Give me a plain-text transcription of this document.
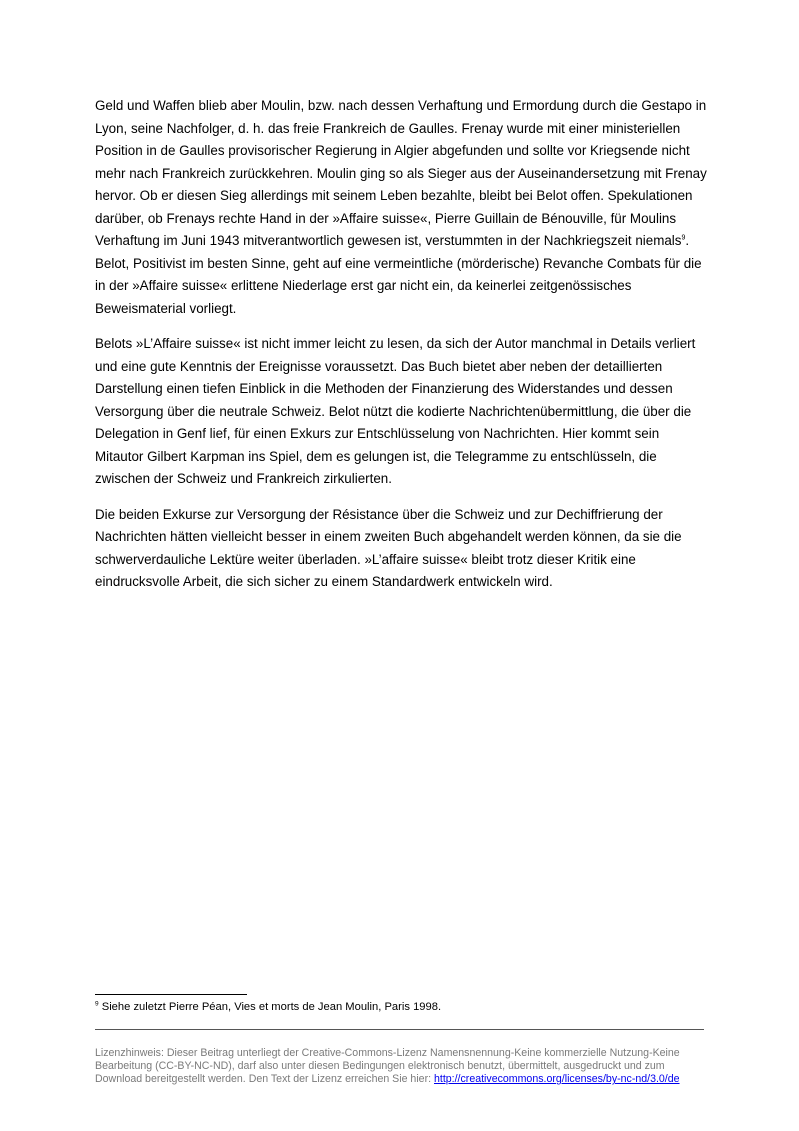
Geld und Waffen blieb aber Moulin, bzw. nach dessen Verhaftung und Ermordung durch die Gestapo in Lyon, seine Nachfolger, d. h. das freie Frankreich de Gaulles. Frenay wurde mit einer ministeriellen Position in de Gaulles provisorischer Regierung in Algier abgefunden und sollte vor Kriegsende nicht mehr nach Frankreich zurückkehren. Moulin ging so als Sieger aus der Auseinandersetzung mit Frenay hervor. Ob er diesen Sieg allerdings mit seinem Leben bezahlte, bleibt bei Belot offen. Spekulationen darüber, ob Frenays rechte Hand in der »Affaire suisse«, Pierre Guillain de Bénouville, für Moulins Verhaftung im Juni 1943 mitverantwortlich gewesen ist, verstummten in der Nachkriegszeit niemals$^9$. Belot, Positivist im besten Sinne, geht auf eine vermeintliche (mörderische) Revanche Combats für die in der »Affaire suisse« erlittene Niederlage erst gar nicht ein, da keinerlei zeitgenössisches Beweismaterial vorliegt.

Belots »L’Affaire suisse« ist nicht immer leicht zu lesen, da sich der Autor manchmal in Details verliert und eine gute Kenntnis der Ereignisse voraussetzt. Das Buch bietet aber neben der detaillierten Darstellung einen tiefen Einblick in die Methoden der Finanzierung des Widerstandes und dessen Versorgung über die neutrale Schweiz. Belot nützt die kodierte Nachrichtenübermittlung, die über die Delegation in Genf lief, für einen Exkurs zur Entschlüsselung von Nachrichten. Hier kommt sein Mitautor Gilbert Karpman ins Spiel, dem es gelungen ist, die Telegramme zu entschlüsseln, die zwischen der Schweiz und Frankreich zirkulierten.

Die beiden Exkurse zur Versorgung der Résistance über die Schweiz und zur Dechiffrierung der Nachrichten hätten vielleicht besser in einem zweiten Buch abgehandelt werden können, da sie die schwerverdauliche Lektüre weiter überladen. »L’affaire suisse« bleibt trotz dieser Kritik eine eindrucksvolle Arbeit, die sich sicher zu einem Standardwerk entwickeln wird.

$^9$ Siehe zuletzt Pierre Péan, Vies et morts de Jean Moulin, Paris 1998.

Lizenzhinweis: Dieser Beitrag unterliegt der Creative-Commons-Lizenz Namensnennung-Keine kommerzielle Nutzung-Keine Bearbeitung (CC-BY-NC-ND), darf also unter diesen Bedingungen elektronisch benutzt, übermittelt, ausgedruckt und zum Download bereitgestellt werden. Den Text der Lizenz erreichen Sie hier: http://creativecommons.org/licenses/by-nc-nd/3.0/de
